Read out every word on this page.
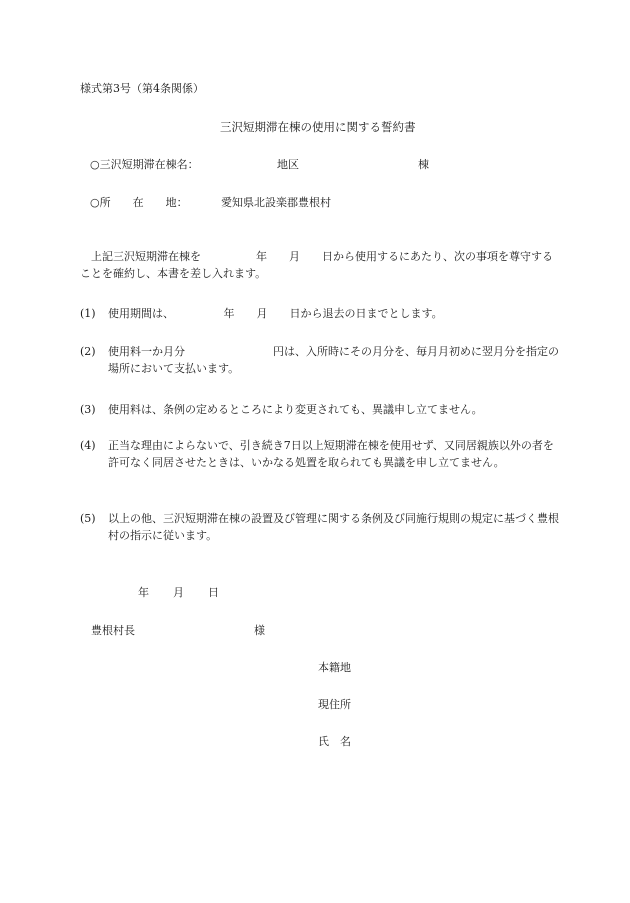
様式第3号（第4条関係）
三沢短期滞在棟の使用に関する誓約書
○三沢短期滞在棟名：	地区	棟
○所　　在　　地：	愛知県北設楽郡豊根村
上記三沢短期滞在棟を　　　　　年　　月　　日から使用するにあたり、次の事項を尊守することを確約し、本書を差し入れます。
(1) 使用期間は、　　　　　年　　月　　日から退去の日までとします。
(2) 使用料一か月分　　　　　　　　円は、入所時にその月分を、毎月月初めに翌月分を指定の場所において支払います。
(3) 使用料は、条例の定めるところにより変更されても、異議申し立てません。
(4) 正当な理由によらないで、引き続き7日以上短期滞在棟を使用せず、又同居親族以外の者を許可なく同居させたときは、いかなる処置を取られても異議を申し立てません。
(5) 以上の他、三沢短期滞在棟の設置及び管理に関する条例及び同施行規則の規定に基づく豊根村の指示に従います。
年 月 日
豊根村長	様
本籍地
現住所
氏　名
